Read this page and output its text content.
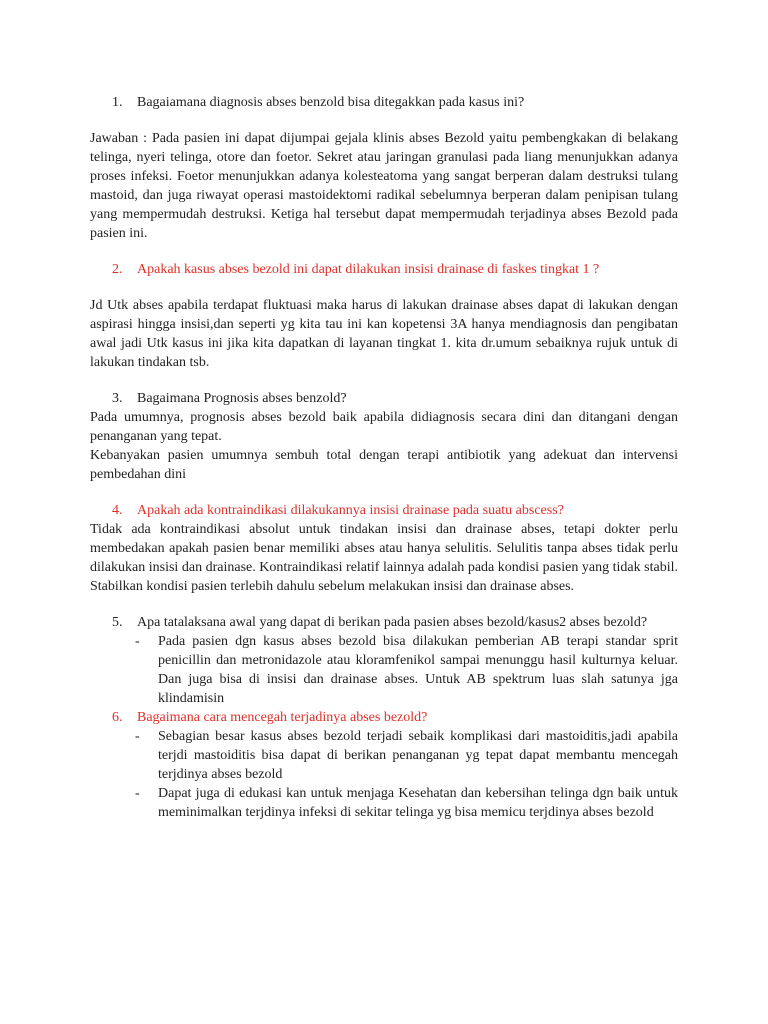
1. Bagaiamana diagnosis abses benzold bisa ditegakkan pada kasus ini?
Jawaban : Pada pasien ini dapat dijumpai gejala klinis abses Bezold yaitu pembengkakan di belakang telinga, nyeri telinga, otore dan foetor. Sekret atau jaringan granulasi pada liang menunjukkan adanya proses infeksi. Foetor menunjukkan adanya kolesteatoma yang sangat berperan dalam destruksi tulang mastoid, dan juga riwayat operasi mastoidektomi radikal sebelumnya berperan dalam penipisan tulang yang mempermudah destruksi. Ketiga hal tersebut dapat mempermudah terjadinya abses Bezold pada pasien ini.
2. Apakah kasus abses bezold ini dapat dilakukan insisi drainase di faskes tingkat 1 ?
Jd Utk abses apabila terdapat fluktuasi maka harus di lakukan drainase abses dapat di lakukan dengan aspirasi hingga insisi,dan seperti yg kita tau ini kan kopetensi 3A hanya mendiagnosis dan pengibatan awal jadi Utk kasus ini jika kita dapatkan di layanan tingkat 1. kita dr.umum sebaiknya rujuk untuk di lakukan tindakan tsb.
3. Bagaimana Prognosis abses benzold?
Pada umumnya, prognosis abses bezold baik apabila didiagnosis secara dini dan ditangani dengan penanganan yang tepat.
Kebanyakan pasien umumnya sembuh total dengan terapi antibiotik yang adekuat dan intervensi pembedahan dini
4. Apakah ada kontraindikasi dilakukannya insisi drainase pada suatu abscess?
Tidak ada kontraindikasi absolut untuk tindakan insisi dan drainase abses, tetapi dokter perlu membedakan apakah pasien benar memiliki abses atau hanya selulitis. Selulitis tanpa abses tidak perlu dilakukan insisi dan drainase. Kontraindikasi relatif lainnya adalah pada kondisi pasien yang tidak stabil. Stabilkan kondisi pasien terlebih dahulu sebelum melakukan insisi dan drainase abses.
5. Apa tatalaksana awal yang dapat di berikan pada pasien abses bezold/kasus2 abses bezold?
- Pada pasien dgn kasus abses bezold bisa dilakukan pemberian AB terapi standar sprit penicillin dan metronidazole atau kloramfenikol sampai menunggu hasil kulturnya keluar. Dan juga bisa di insisi dan drainase abses. Untuk AB spektrum luas slah satunya jga klindamisin
6. Bagaimana cara mencegah terjadinya abses bezold?
- Sebagian besar kasus abses bezold terjadi sebaik komplikasi dari mastoiditis,jadi apabila terjdi mastoiditis bisa dapat di berikan penanganan yg tepat dapat membantu mencegah terjdinya abses bezold
- Dapat juga di edukasi kan untuk menjaga Kesehatan dan kebersihan telinga dgn baik untuk meminimalkan terjdinya infeksi di sekitar telinga yg bisa memicu terjdinya abses bezold
